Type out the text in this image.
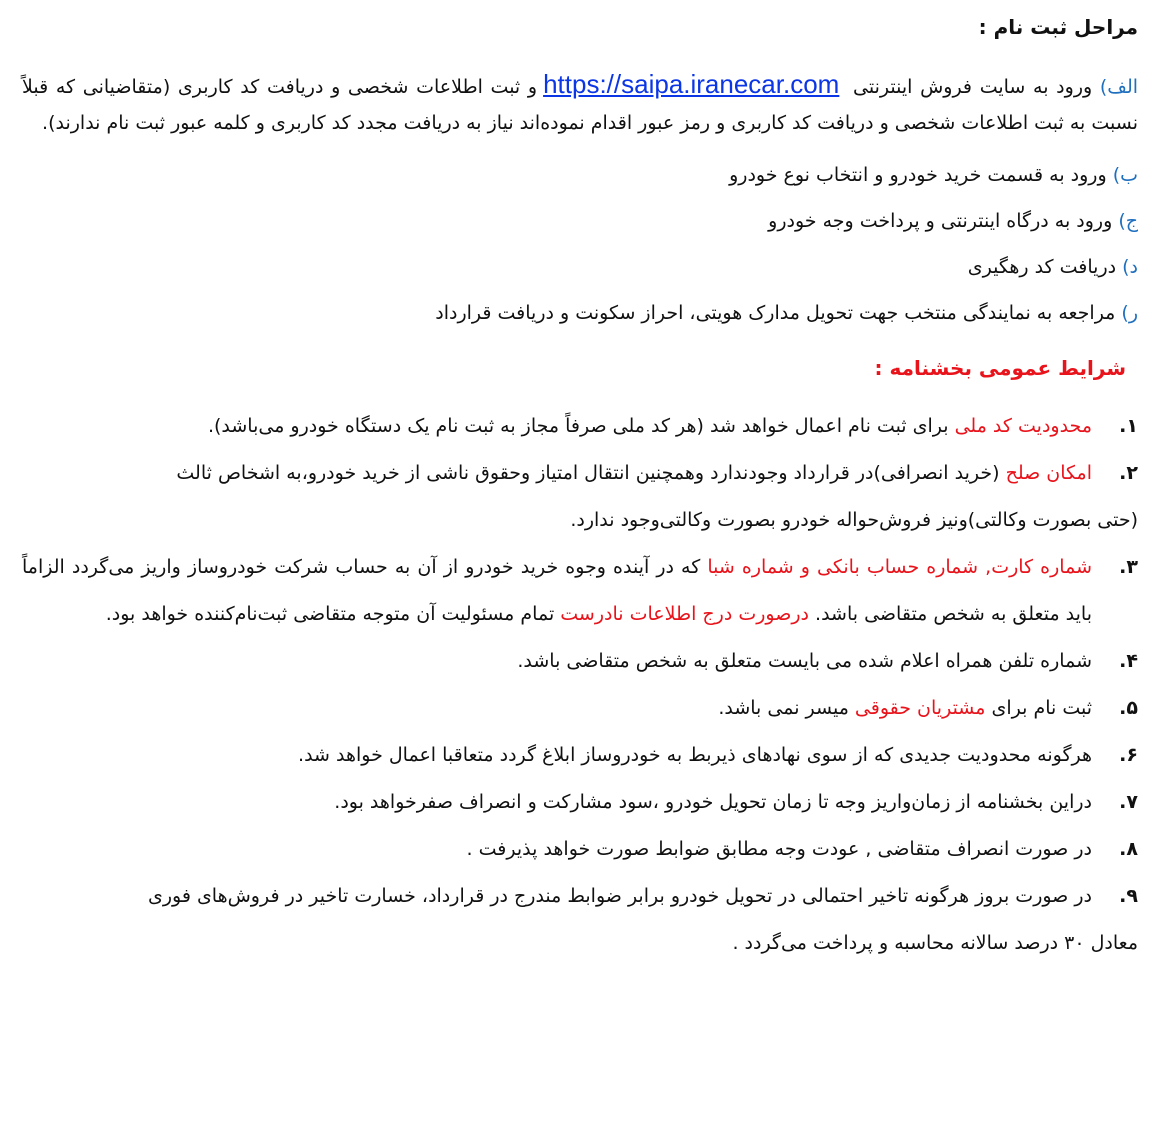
مراحل ثبت نام :

الف) ورود به سایت فروش اینترنتی https://saipa.iranecar.comو ثبت اطلاعات شخصی و دریافت کد کاربری (متقاضیانی که قبلاً نسبت به ثبت اطلاعات شخصی و دریافت کد کاربری و رمز عبور اقدام نموده‌اند نیاز به دریافت مجدد کد کاربری و کلمه عبور ثبت نام ندارند).

ب) ورود به قسمت خرید خودرو و انتخاب نوع خودرو

ج) ورود به درگاه اینترنتی و پرداخت وجه خودرو

د) دریافت کد رهگیری

ر) مراجعه به نمایندگی منتخب جهت تحویل مدارک هویتی، احراز سکونت و دریافت قرارداد

شرایط عمومی بخشنامه :
۱.
محدودیت کد ملی برای ثبت نام اعمال خواهد شد (هر کد ملی صرفاً مجاز به ثبت نام یک دستگاه خودرو می‌باشد).
۲.
امکان صلح (خرید انصرافی)در قرارداد وجودندارد وهمچنین انتقال امتیاز وحقوق ناشی از خرید خودرو،به اشخاص ثالث
(حتی بصورت وکالتی)ونیز فروش‌حواله خودرو بصورت وکالتی‌وجود ندارد.
۳.
شماره کارت, شماره حساب بانکی و شماره شبا که در آینده وجوه خرید خودرو از آن به حساب شرکت خودروساز واریز می‌گردد الزاماً باید متعلق به شخص متقاضی باشد. درصورت درج اطلاعات نادرست تمام مسئولیت آن متوجه متقاضی ثبت‌نام‌کننده خواهد بود.
۴.
شماره تلفن همراه اعلام شده می بایست متعلق به شخص متقاضی باشد.
۵.
ثبت نام برای مشتریان حقوقی میسر نمی باشد.
۶.
هرگونه محدودیت جدیدی که از سوی نهادهای ذیربط به خودروساز ابلاغ گردد متعاقبا اعمال خواهد شد.
۷.
دراین بخشنامه از زمان‌واریز وجه تا زمان تحویل خودرو ،سود مشارکت و انصراف صفرخواهد بود.
۸.
در صورت انصراف متقاضی , عودت وجه مطابق ضوابط صورت خواهد پذیرفت .
۹.
در صورت بروز هرگونه تاخیر احتمالی در تحویل خودرو برابر ضوابط مندرج در قرارداد، خسارت تاخیر در فروش‌های فوری
معادل ۳۰ درصد سالانه محاسبه و پرداخت می‌گردد .
